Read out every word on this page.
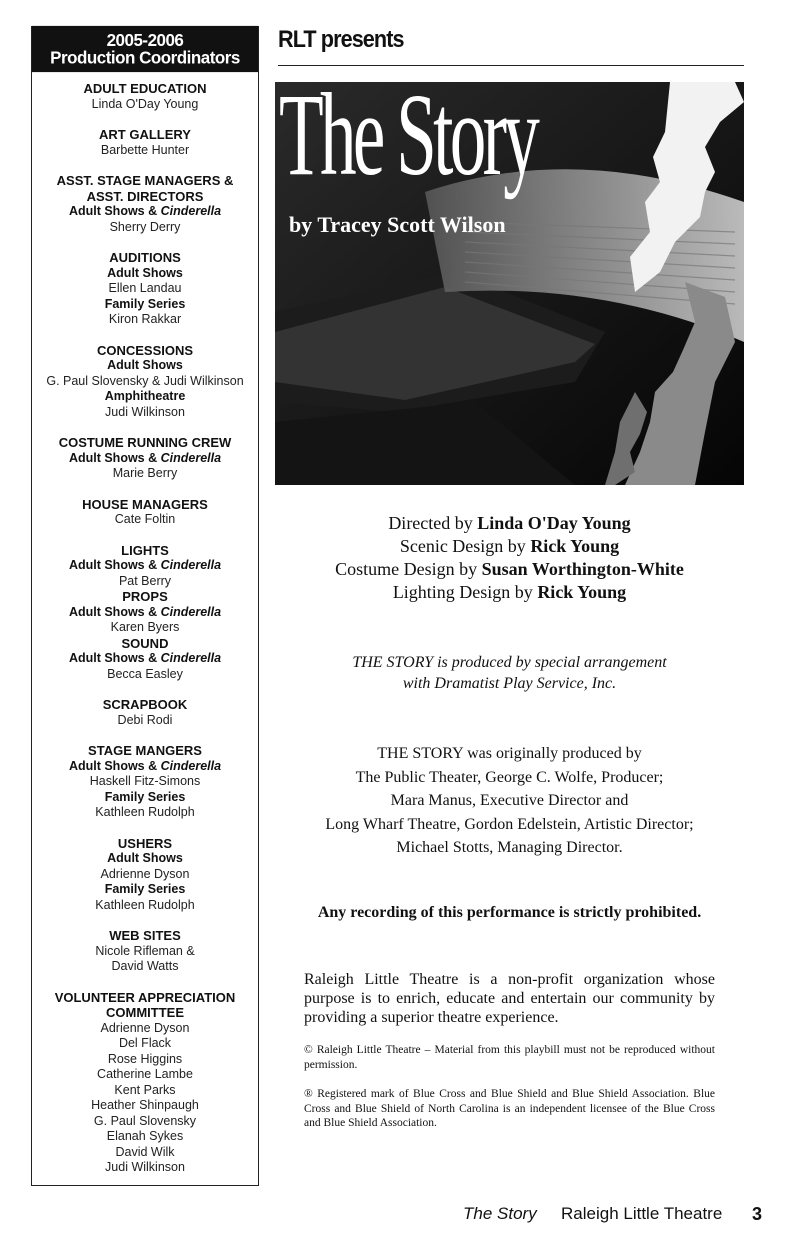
2005-2006
Production Coordinators
ADULT EDUCATION
Linda O'Day Young
ART GALLERY
Barbette Hunter
ASST. STAGE MANAGERS &
ASST. DIRECTORS
Adult Shows & Cinderella
Sherry Derry
AUDITIONS
Adult Shows
Ellen Landau
Family Series
Kiron Rakkar
CONCESSIONS
Adult Shows
G. Paul Slovensky & Judi Wilkinson
Amphitheatre
Judi Wilkinson
COSTUME RUNNING CREW
Adult Shows & Cinderella
Marie Berry
HOUSE MANAGERS
Cate Foltin
LIGHTS
Adult Shows & Cinderella
Pat Berry
PROPS
Adult Shows & Cinderella
Karen Byers
SOUND
Adult Shows & Cinderella
Becca Easley
SCRAPBOOK
Debi Rodi
STAGE MANGERS
Adult Shows & Cinderella
Haskell Fitz-Simons
Family Series
Kathleen Rudolph
USHERS
Adult Shows
Adrienne Dyson
Family Series
Kathleen Rudolph
WEB SITES
Nicole Rifleman &
David Watts
VOLUNTEER APPRECIATION
COMMITTEE
Adrienne Dyson
Del Flack
Rose Higgins
Catherine Lambe
Kent Parks
Heather Shinpaugh
G. Paul Slovensky
Elanah Sykes
David Wilk
Judi Wilkinson
RLT presents
The Story
by Tracey Scott Wilson
Directed by Linda O'Day Young
Scenic Design by Rick Young
Costume Design by Susan Worthington-White
Lighting Design by Rick Young
THE STORY is produced by special arrangement
with Dramatist Play Service, Inc.
THE STORY was originally produced by
The Public Theater, George C. Wolfe, Producer;
Mara Manus, Executive Director and
Long Wharf Theatre, Gordon Edelstein, Artistic Director;
Michael Stotts, Managing Director.
Any recording of this performance is strictly prohibited.
Raleigh Little Theatre is a non-profit organization whose purpose is to enrich, educate and entertain our community by providing a superior theatre experience.
© Raleigh Little Theatre – Material from this playbill must not be reproduced without permission.
® Registered mark of Blue Cross and Blue Shield and Blue Shield Association. Blue Cross and Blue Shield of North Carolina is an independent licensee of the Blue Cross and Blue Shield Association.
The Story Raleigh Little Theatre 3
